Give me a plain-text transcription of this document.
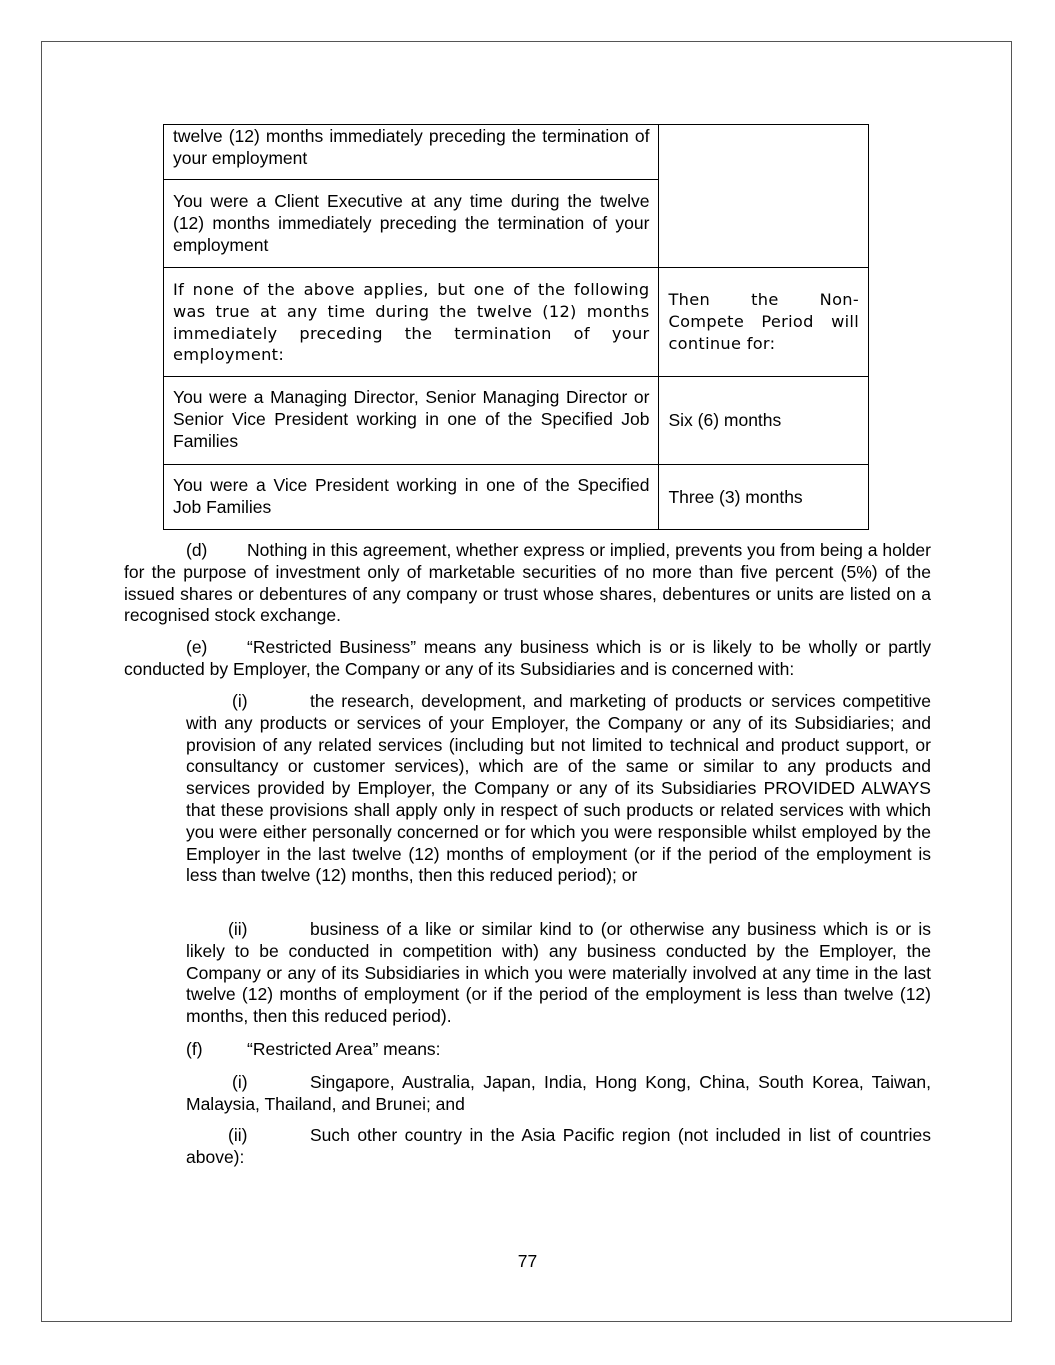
twelve (12) months immediately preceding the termination of your employment	

You were a Client Executive at any time during the twelve (12) months immediately preceding the termination of your employment	

If none of the above applies, but one of the following was true at any time during the twelve (12) months immediately preceding the termination of your employment:	Then the Non-Compete Period will continue for:

You were a Managing Director, Senior Managing Director or Senior Vice President working in one of the Specified Job Families	Six (6) months

You were a Vice President working in one of the Specified Job Families	Three (3) months

(d) Nothing in this agreement, whether express or implied, prevents you from being a holder for the purpose of investment only of marketable securities of no more than five percent (5%) of the issued shares or debentures of any company or trust whose shares, debentures or units are listed on a recognised stock exchange.

(e) “Restricted Business” means any business which is or is likely to be wholly or partly conducted by Employer, the Company or any of its Subsidiaries and is concerned with:

(i)	the research, development, and marketing of products or services competitive with any products or services of your Employer, the Company or any of its Subsidiaries; and provision of any related services (including but not limited to technical and product support, or consultancy or customer services), which are of the same or similar to any products and services provided by Employer, the Company or any of its Subsidiaries PROVIDED ALWAYS that these provisions shall apply only in respect of such products or related services with which you were either personally concerned or for which you were responsible whilst employed by the Employer in the last twelve (12) months of employment (or if the period of the employment is less than twelve (12) months, then this reduced period); or

(ii)	business of a like or similar kind to (or otherwise any business which is or is likely to be conducted in competition with) any business conducted by the Employer, the Company or any of its Subsidiaries in which you were materially involved at any time in the last twelve (12) months of employment (or if the period of the employment is less than twelve (12) months, then this reduced period).

(f)	“Restricted Area” means:

(i)	Singapore, Australia, Japan, India, Hong Kong, China, South Korea, Taiwan, Malaysia, Thailand, and Brunei; and

(ii)	Such other country in the Asia Pacific region (not included in list of countries above):

77
